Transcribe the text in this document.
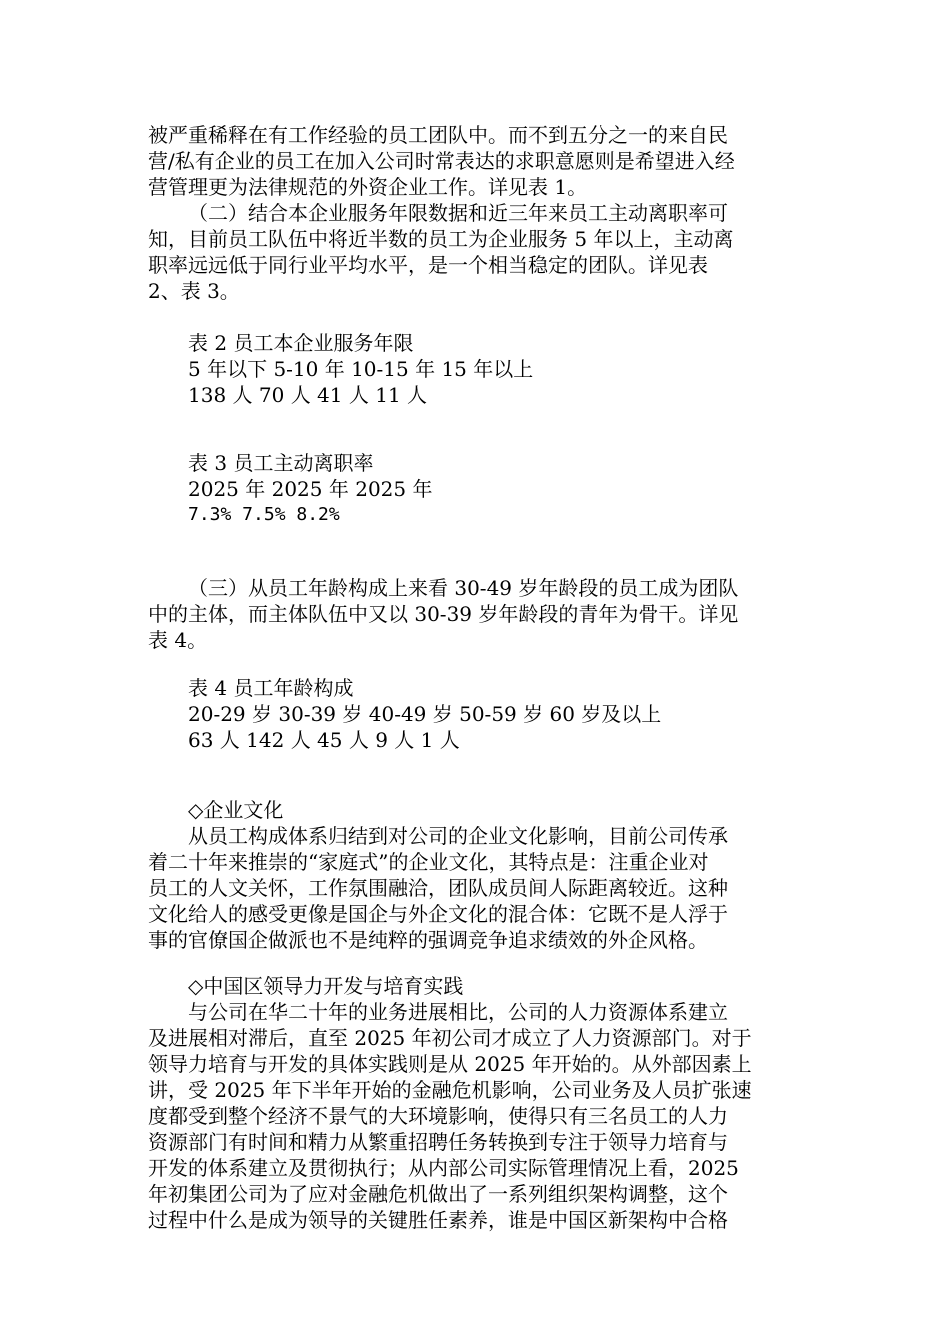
被严重稀释在有工作经验的员工团队中。而不到五分之一的来自民
营/私有企业的员工在加入公司时常表达的求职意愿则是希望进入经
营管理更为法律规范的外资企业工作。详见表 1。
（二）结合本企业服务年限数据和近三年来员工主动离职率可
知，目前员工队伍中将近半数的员工为企业服务 5 年以上，主动离
职率远远低于同行业平均水平，是一个相当稳定的团队。详见表
2、表 3。
表 2 员工本企业服务年限
5 年以下 5-10 年 10-15 年 15 年以上
138 人 70 人 41 人 11 人
表 3 员工主动离职率
2025 年 2025 年 2025 年
7.3% 7.5% 8.2%
（三）从员工年龄构成上来看 30-49 岁年龄段的员工成为团队
中的主体，而主体队伍中又以 30-39 岁年龄段的青年为骨干。详见
表 4。
表 4 员工年龄构成
20-29 岁 30-39 岁 40-49 岁 50-59 岁 60 岁及以上
63 人 142 人 45 人 9 人 1 人
◇企业文化
从员工构成体系归结到对公司的企业文化影响，目前公司传承
着二十年来推崇的“家庭式”的企业文化，其特点是：注重企业对
员工的人文关怀，工作氛围融洽，团队成员间人际距离较近。这种
文化给人的感受更像是国企与外企文化的混合体：它既不是人浮于
事的官僚国企做派也不是纯粹的强调竞争追求绩效的外企风格。
◇中国区领导力开发与培育实践
与公司在华二十年的业务进展相比，公司的人力资源体系建立
及进展相对滞后，直至 2025 年初公司才成立了人力资源部门。对于
领导力培育与开发的具体实践则是从 2025 年开始的。从外部因素上
讲，受 2025 年下半年开始的金融危机影响，公司业务及人员扩张速
度都受到整个经济不景气的大环境影响，使得只有三名员工的人力
资源部门有时间和精力从繁重招聘任务转换到专注于领导力培育与
开发的体系建立及贯彻执行；从内部公司实际管理情况上看，2025
年初集团公司为了应对金融危机做出了一系列组织架构调整，这个
过程中什么是成为领导的关键胜任素养，谁是中国区新架构中合格
